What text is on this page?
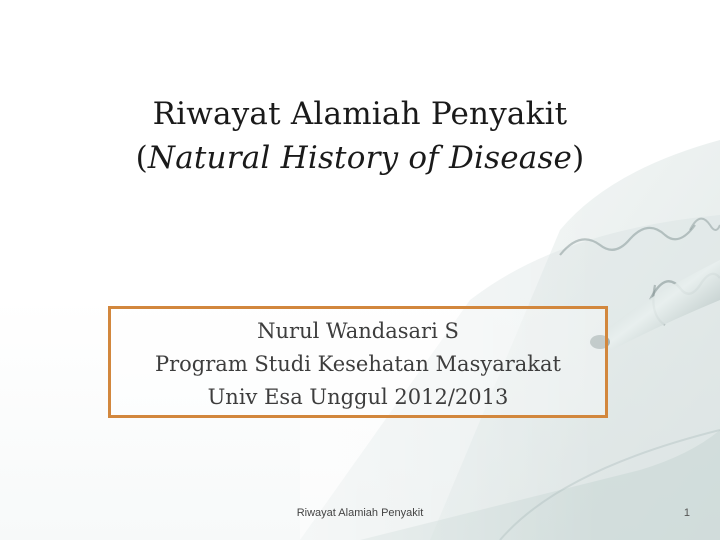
Riwayat Alamiah Penyakit
(Natural History of Disease)
Nurul Wandasari S
Program Studi Kesehatan Masyarakat
Univ Esa Unggul 2012/2013
Riwayat Alamiah Penyakit	1
